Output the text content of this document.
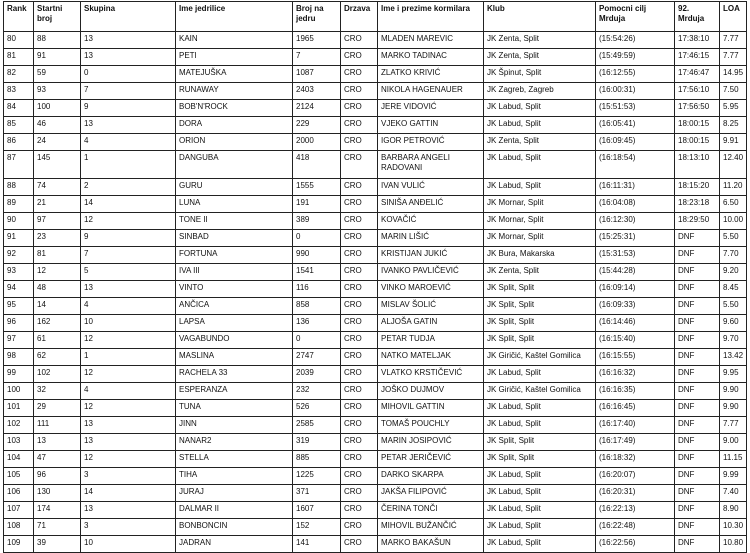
Rank	Startni broj	Skupina	Ime jedrilice	Broj na jedru	Drzava	Ime i prezime kormilara	Klub	Pomocni cilj Mrduja	92. Mrduja	LOA
80	88	13	KAIN	1965	CRO	MLADEN MAREVIC	JK Zenta, Split	(15:54:26)	17:38:10	7.77
81	91	13	PETI	7	CRO	MARKO TADINAC	JK Zenta, Split	(15:49:59)	17:46:15	7.77
82	59	0	MATEJUŠKA	1087	CRO	ZLATKO KRIVIĆ	JK Špinut, Split	(16:12:55)	17:46:47	14.95
83	93	7	RUNAWAY	2403	CRO	NIKOLA HAGENAUER	JK Zagreb, Zagreb	(16:00:31)	17:56:10	7.50
84	100	9	BOB'N'ROCK	2124	CRO	JERE VIDOVIĆ	JK Labud, Split	(15:51:53)	17:56:50	5.95
85	46	13	DORA	229	CRO	VJEKO GATTIN	JK Labud, Split	(16:05:41)	18:00:15	8.25
86	24	4	ORION	2000	CRO	IGOR PETROVIĆ	JK Zenta, Split	(16:09:45)	18:00:15	9.91
87	145	1	DANGUBA	418	CRO	BARBARA ANGELI RADOVANI	JK Labud, Split	(16:18:54)	18:13:10	12.40
88	74	2	GURU	1555	CRO	IVAN VULIĆ	JK Labud, Split	(16:11:31)	18:15:20	11.20
89	21	14	LUNA	191	CRO	SINIŠA ANĐELIĆ	JK Mornar, Split	(16:04:08)	18:23:18	6.50
90	97	12	TONE II	389	CRO	KOVAČIĆ	JK Mornar, Split	(16:12:30)	18:29:50	10.00
91	23	9	SINBAD	0	CRO	MARIN LIŠIĆ	JK Mornar, Split	(15:25:31)	DNF	5.50
92	81	7	FORTUNA	990	CRO	KRISTIJAN JUKIĆ	JK Bura, Makarska	(15:31:53)	DNF	7.70
93	12	5	IVA III	1541	CRO	IVANKO PAVLIČEVIĆ	JK Zenta, Split	(15:44:28)	DNF	9.20
94	48	13	VINTO	116	CRO	VINKO MAROEVIĆ	JK Split, Split	(16:09:14)	DNF	8.45
95	14	4	ANČICA	858	CRO	MISLAV ŠOLIĆ	JK Split, Split	(16:09:33)	DNF	5.50
96	162	10	LAPSA	136	CRO	ALJOŠA GATIN	JK Split, Split	(16:14:46)	DNF	9.60
97	61	12	VAGABUNDO	0	CRO	PETAR TUDJA	JK Split, Split	(16:15:40)	DNF	9.70
98	62	1	MASLINA	2747	CRO	NATKO MATELJAK	JK Giričić, Kaštel Gomilica	(16:15:55)	DNF	13.42
99	102	12	RACHELA 33	2039	CRO	VLATKO KRSTIČEVIĆ	JK Labud, Split	(16:16:32)	DNF	9.95
100	32	4	ESPERANZA	232	CRO	JOŠKO DUJMOV	JK Giričić, Kaštel Gomilica	(16:16:35)	DNF	9.90
101	29	12	TUNA	526	CRO	MIHOVIL GATTIN	JK Labud, Split	(16:16:45)	DNF	9.90
102	111	13	JINN	2585	CRO	TOMAŠ POUCHLY	JK Labud, Split	(16:17:40)	DNF	7.77
103	13	13	NANAR2	319	CRO	MARIN JOSIPOVIĆ	JK Split, Split	(16:17:49)	DNF	9.00
104	47	12	STELLA	885	CRO	PETAR JERIČEVIĆ	JK Split, Split	(16:18:32)	DNF	11.15
105	96	3	TIHA	1225	CRO	DARKO SKARPA	JK Labud, Split	(16:20:07)	DNF	9.99
106	130	14	JURAJ	371	CRO	JAKŠA FILIPOVIĆ	JK Labud, Split	(16:20:31)	DNF	7.40
107	174	13	DALMAR II	1607	CRO	ČERINA TONČI	JK Labud, Split	(16:22:13)	DNF	8.90
108	71	3	BONBONCIN	152	CRO	MIHOVIL BUŽANČIĆ	JK Labud, Split	(16:22:48)	DNF	10.30
109	39	10	JADRAN	141	CRO	MARKO BAKAŠUN	JK Labud, Split	(16:22:56)	DNF	10.80
